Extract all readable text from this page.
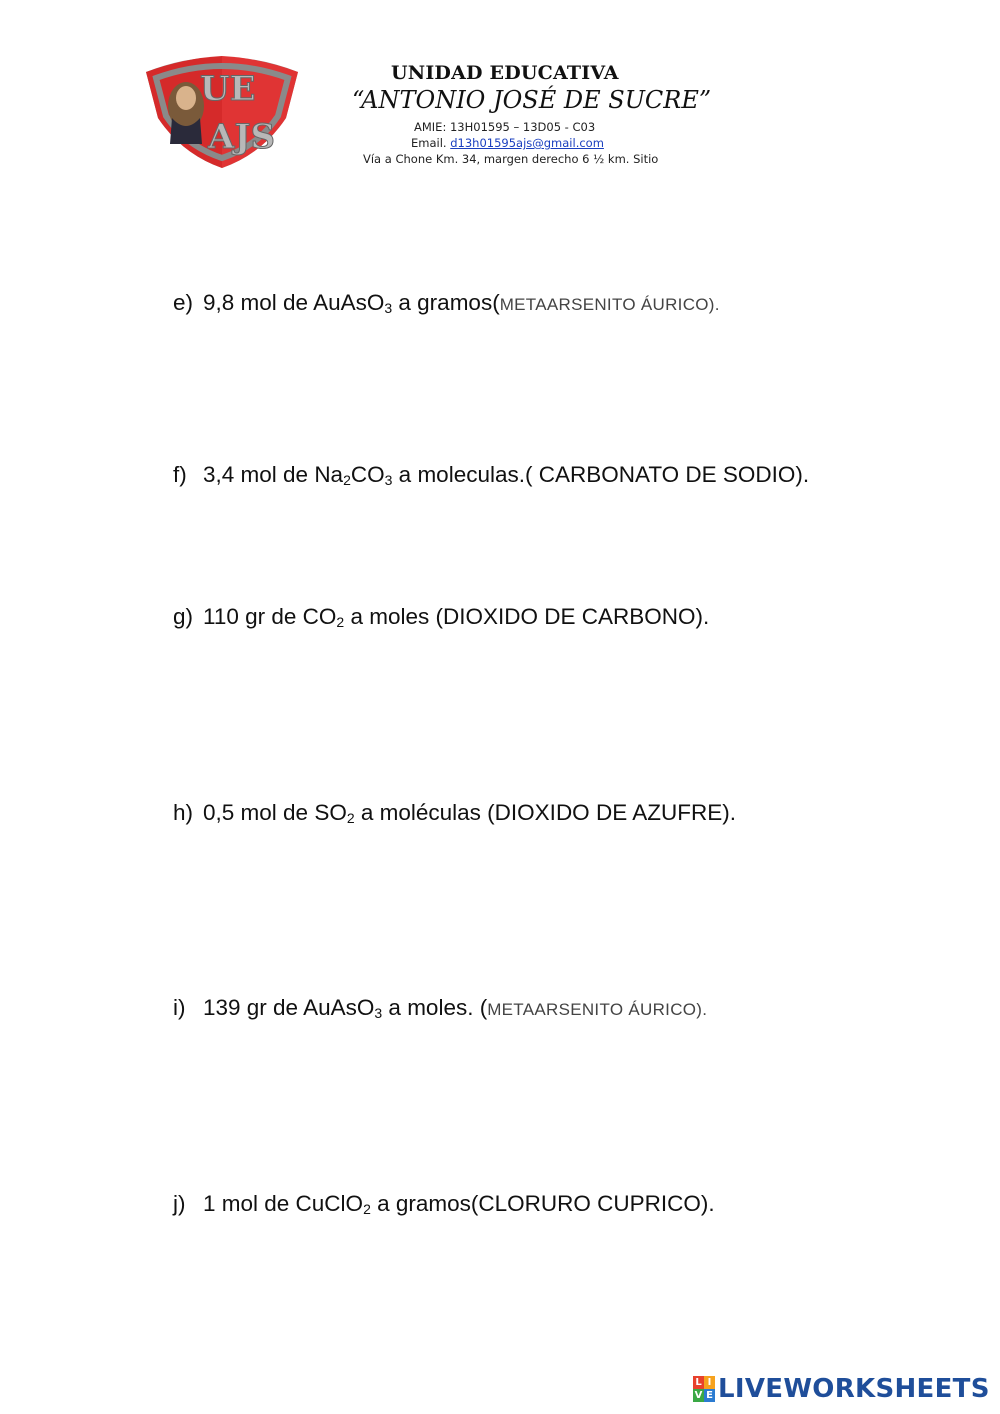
UE
AJS
UNIDAD EDUCATIVA
“ANTONIO JOSÉ DE SUCRE”
AMIE: 13H01595 – 13D05 - C03
Email. d13h01595ajs@gmail.com
Vía a Chone Km. 34, margen derecho 6 ½ km. Sitio
e) 9,8 mol de AuAsO$_3$ a gramos(METAARSENITO ÁURICO).
f) 3,4 mol de $Na_2CO_3$ a moleculas.( CARBONATO DE SODIO).
g) 110 gr de $CO_2$ a moles (DIOXIDO DE CARBONO).
h) 0,5 mol de $SO_2$ a moléculas (DIOXIDO DE AZUFRE).
i) 139 gr de AuAsO$_3$ a moles. (METAARSENITO ÁURICO).
j) 1 mol de CuClO$_2$ a gramos(CLORURO CUPRICO).
L I
V E LIVEWORKSHEETS
